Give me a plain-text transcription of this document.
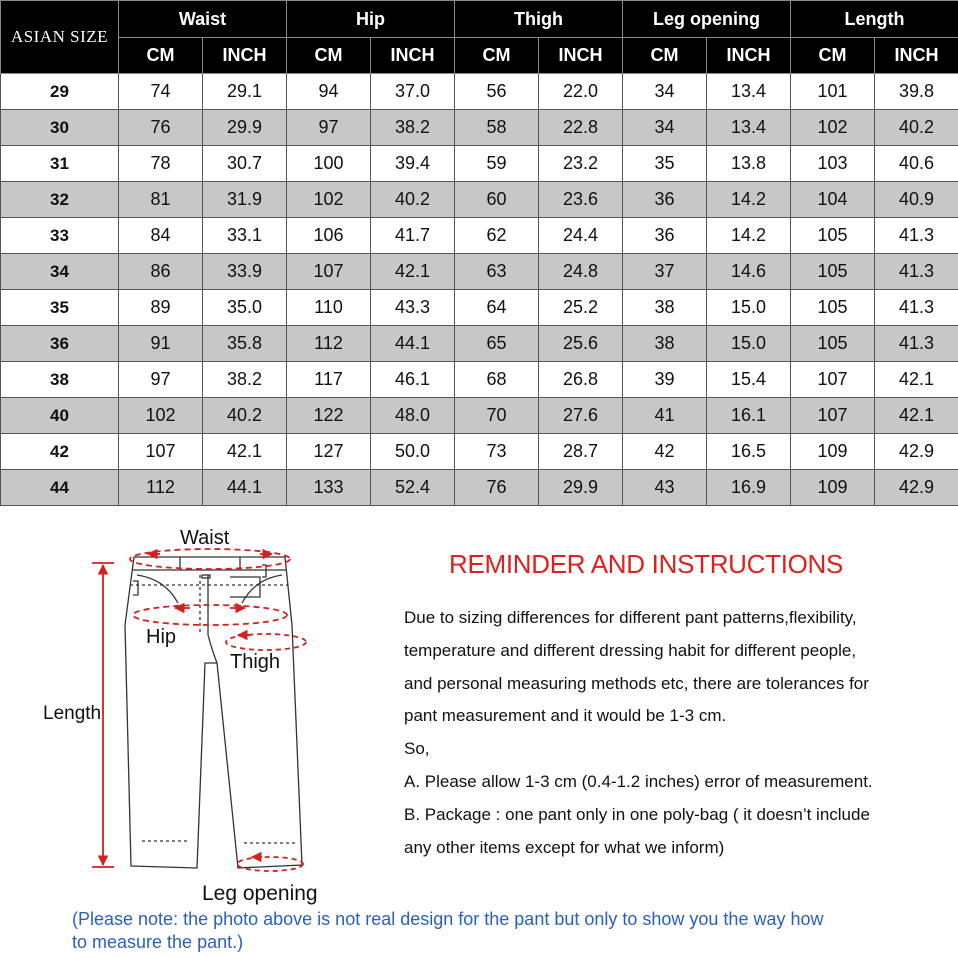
ASIAN SIZE	Waist		Hip		Thigh		Leg opening		Length	
	CM	INCH	CM	INCH	CM	INCH	CM	INCH	CM	INCH
29	74	29.1	94	37.0	56	22.0	34	13.4	101	39.8
30	76	29.9	97	38.2	58	22.8	34	13.4	102	40.2
31	78	30.7	100	39.4	59	23.2	35	13.8	103	40.6
32	81	31.9	102	40.2	60	23.6	36	14.2	104	40.9
33	84	33.1	106	41.7	62	24.4	36	14.2	105	41.3
34	86	33.9	107	42.1	63	24.8	37	14.6	105	41.3
35	89	35.0	110	43.3	64	25.2	38	15.0	105	41.3
36	91	35.8	112	44.1	65	25.6	38	15.0	105	41.3
38	97	38.2	117	46.1	68	26.8	39	15.4	107	42.1
40	102	40.2	122	48.0	70	27.6	41	16.1	107	42.1
42	107	42.1	127	50.0	73	28.7	42	16.5	109	42.9
44	112	44.1	133	52.4	76	29.9	43	16.9	109	42.9
Waist
Hip
Thigh
Length
Leg opening
REMINDER AND INSTRUCTIONS

Due to sizing differences for different pant patterns,flexibility,

temperature and different dressing habit for different people,

and personal measuring methods etc, there are tolerances for

pant measurement and it would be 1-3 cm.

So,

A. Please allow 1-3 cm (0.4-1.2 inches) error of measurement.

B. Package : one pant only in one poly-bag ( it doesn’t include

any other items except for what we inform)

(Please note: the photo above is not real design for the pant but only to show you the way how
to measure the pant.)
